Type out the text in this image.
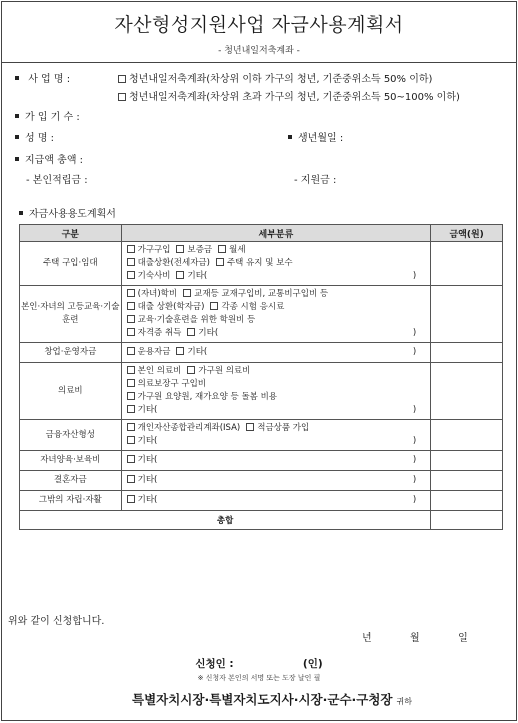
자산형성지원사업 자금사용계획서
- 청년내일저축계좌 -
사 업 명 :	청년내일저축계좌(차상위 이하 가구의 청년, 기준중위소득 50% 이하)
청년내일저축계좌(차상위 초과 가구의 청년, 기준중위소득 50~100% 이하)
가 입 기 수 :
성 명 :	생년월일 :
지급액 총액 :
- 본인적립금 :	- 지원금 :
자금사용용도계획서
구분	세부분류	금액(원)
주택 구입·임대	가구구입 보증금 월세
대출상환(전세자금) 주택 유지 및 보수
기숙사비 기타( )	

본인·자녀의 고등교육·기술훈련	(자녀)학비 교재등 교재구입비, 교통비구입비 등
대출 상환(학자금) 각종 시험 응시료
교육·기술훈련을 위한 학원비 등
자격증 취득 기타( )	

창업·운영자금	운용자금 기타( )	

의료비	본인 의료비 가구원 의료비
의료보장구 구입비
가구원 요양원, 재가요양 등 돌봄 비용
기타( )	

금융자산형성	개인자산종합관리계좌(ISA) 적금상품 가입
기타( )	

자녀양육·보육비	기타( )	

결혼자금	기타( )	

그밖의 자립·자활	기타( )	

총합		
위와 같이 신청합니다.
년	월	일
신청인 :	(인)
※ 신청자 본인의 서명 또는 도장 날인 필
특별자치시장·특별자치도지사·시장·군수·구청장 귀하
